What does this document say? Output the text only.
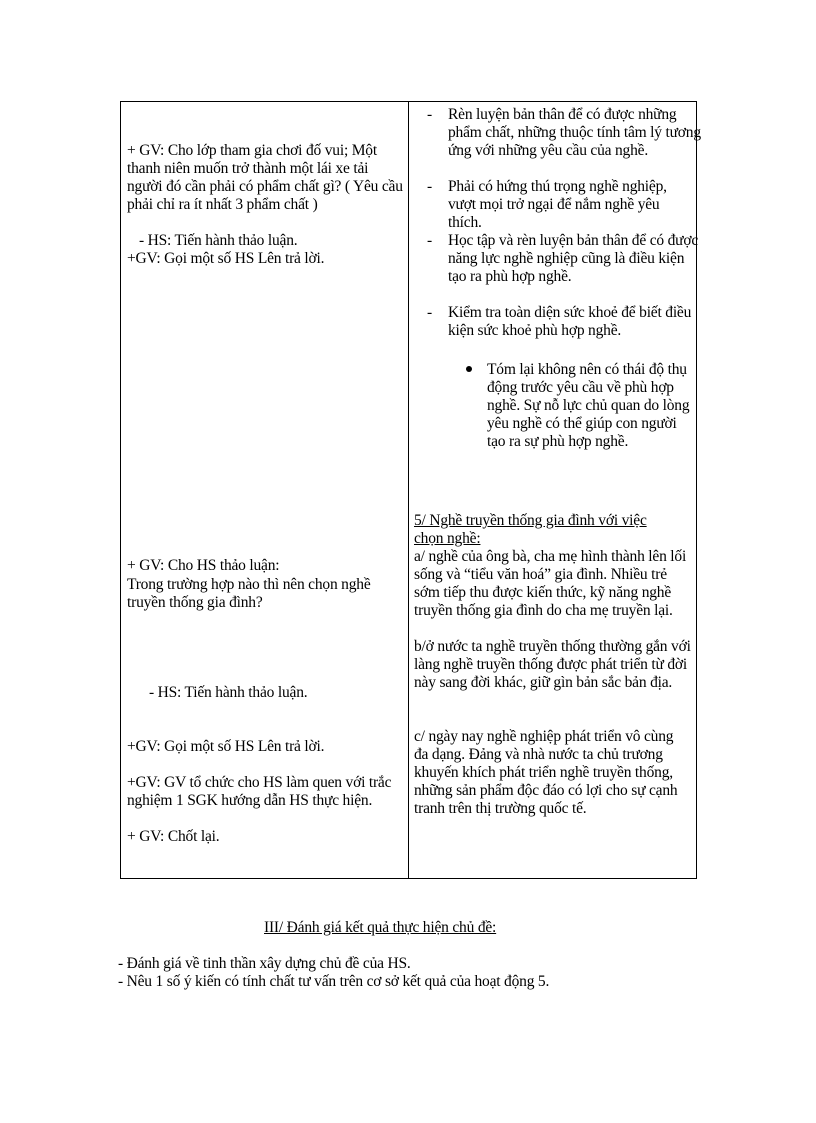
+ GV: Cho lớp tham gia chơi đố vui; Một thanh niên muốn trở thành một lái xe tải người đó cần phải có phẩm chất gì? ( Yêu cầu phải chỉ ra ít nhất 3 phẩm chất )
- HS: Tiến hành thảo luận.
+GV: Gọi một số HS Lên trả lời.
+ GV: Cho HS thảo luận:
Trong trường hợp nào thì nên chọn nghề truyền thống gia đình?
- HS: Tiến hành thảo luận.
+GV: Gọi một số HS Lên trả lời.
+GV: GV tổ chức cho HS làm quen với trắc nghiệm 1 SGK hướng dẫn HS thực hiện.
+ GV: Chốt lại.
- Rèn luyện bản thân để có được những phẩm chất, những thuộc tính tâm lý tương ứng với những yêu cầu của nghề.
- Phải có hứng thú trọng nghề nghiệp, vượt mọi trở ngại để nắm nghề yêu thích.
- Học tập và rèn luyện bản thân để có được năng lực nghề nghiệp cũng là điều kiện tạo ra phù hợp nghề.
- Kiểm tra toàn diện sức khoẻ để biết điều kiện sức khoẻ phù hợp nghề.
Tóm lại không nên có thái độ thụ động trước yêu cầu về phù hợp nghề. Sự nỗ lực chủ quan do lòng yêu nghề có thể giúp con người tạo ra sự phù hợp nghề.
5/ Nghề truyền thống gia đình với việc chọn nghề:
a/ nghề của ông bà, cha mẹ hình thành lên lối sống và “tiểu văn hoá” gia đình. Nhiều trẻ sớm tiếp thu được kiến thức, kỹ năng nghề truyền thống gia đình do cha mẹ truyền lại.
b/ở nước ta nghề truyền thống thường gắn với làng nghề truyền thống được phát triển từ đời này sang đời khác, giữ gìn bản sắc bản địa.
c/ ngày nay nghề nghiệp phát triển vô cùng đa dạng. Đảng và nhà nước ta chủ trương khuyến khích phát triển nghề truyền thống, những sản phẩm độc đáo có lợi cho sự cạnh tranh trên thị trường quốc tế.
III/ Đánh giá kết quả thực hiện chủ đề:
- Đánh giá về tinh thần xây dựng chủ đề của HS.
- Nêu 1 số ý kiến có tính chất tư vấn trên cơ sở kết quả của hoạt động 5.
